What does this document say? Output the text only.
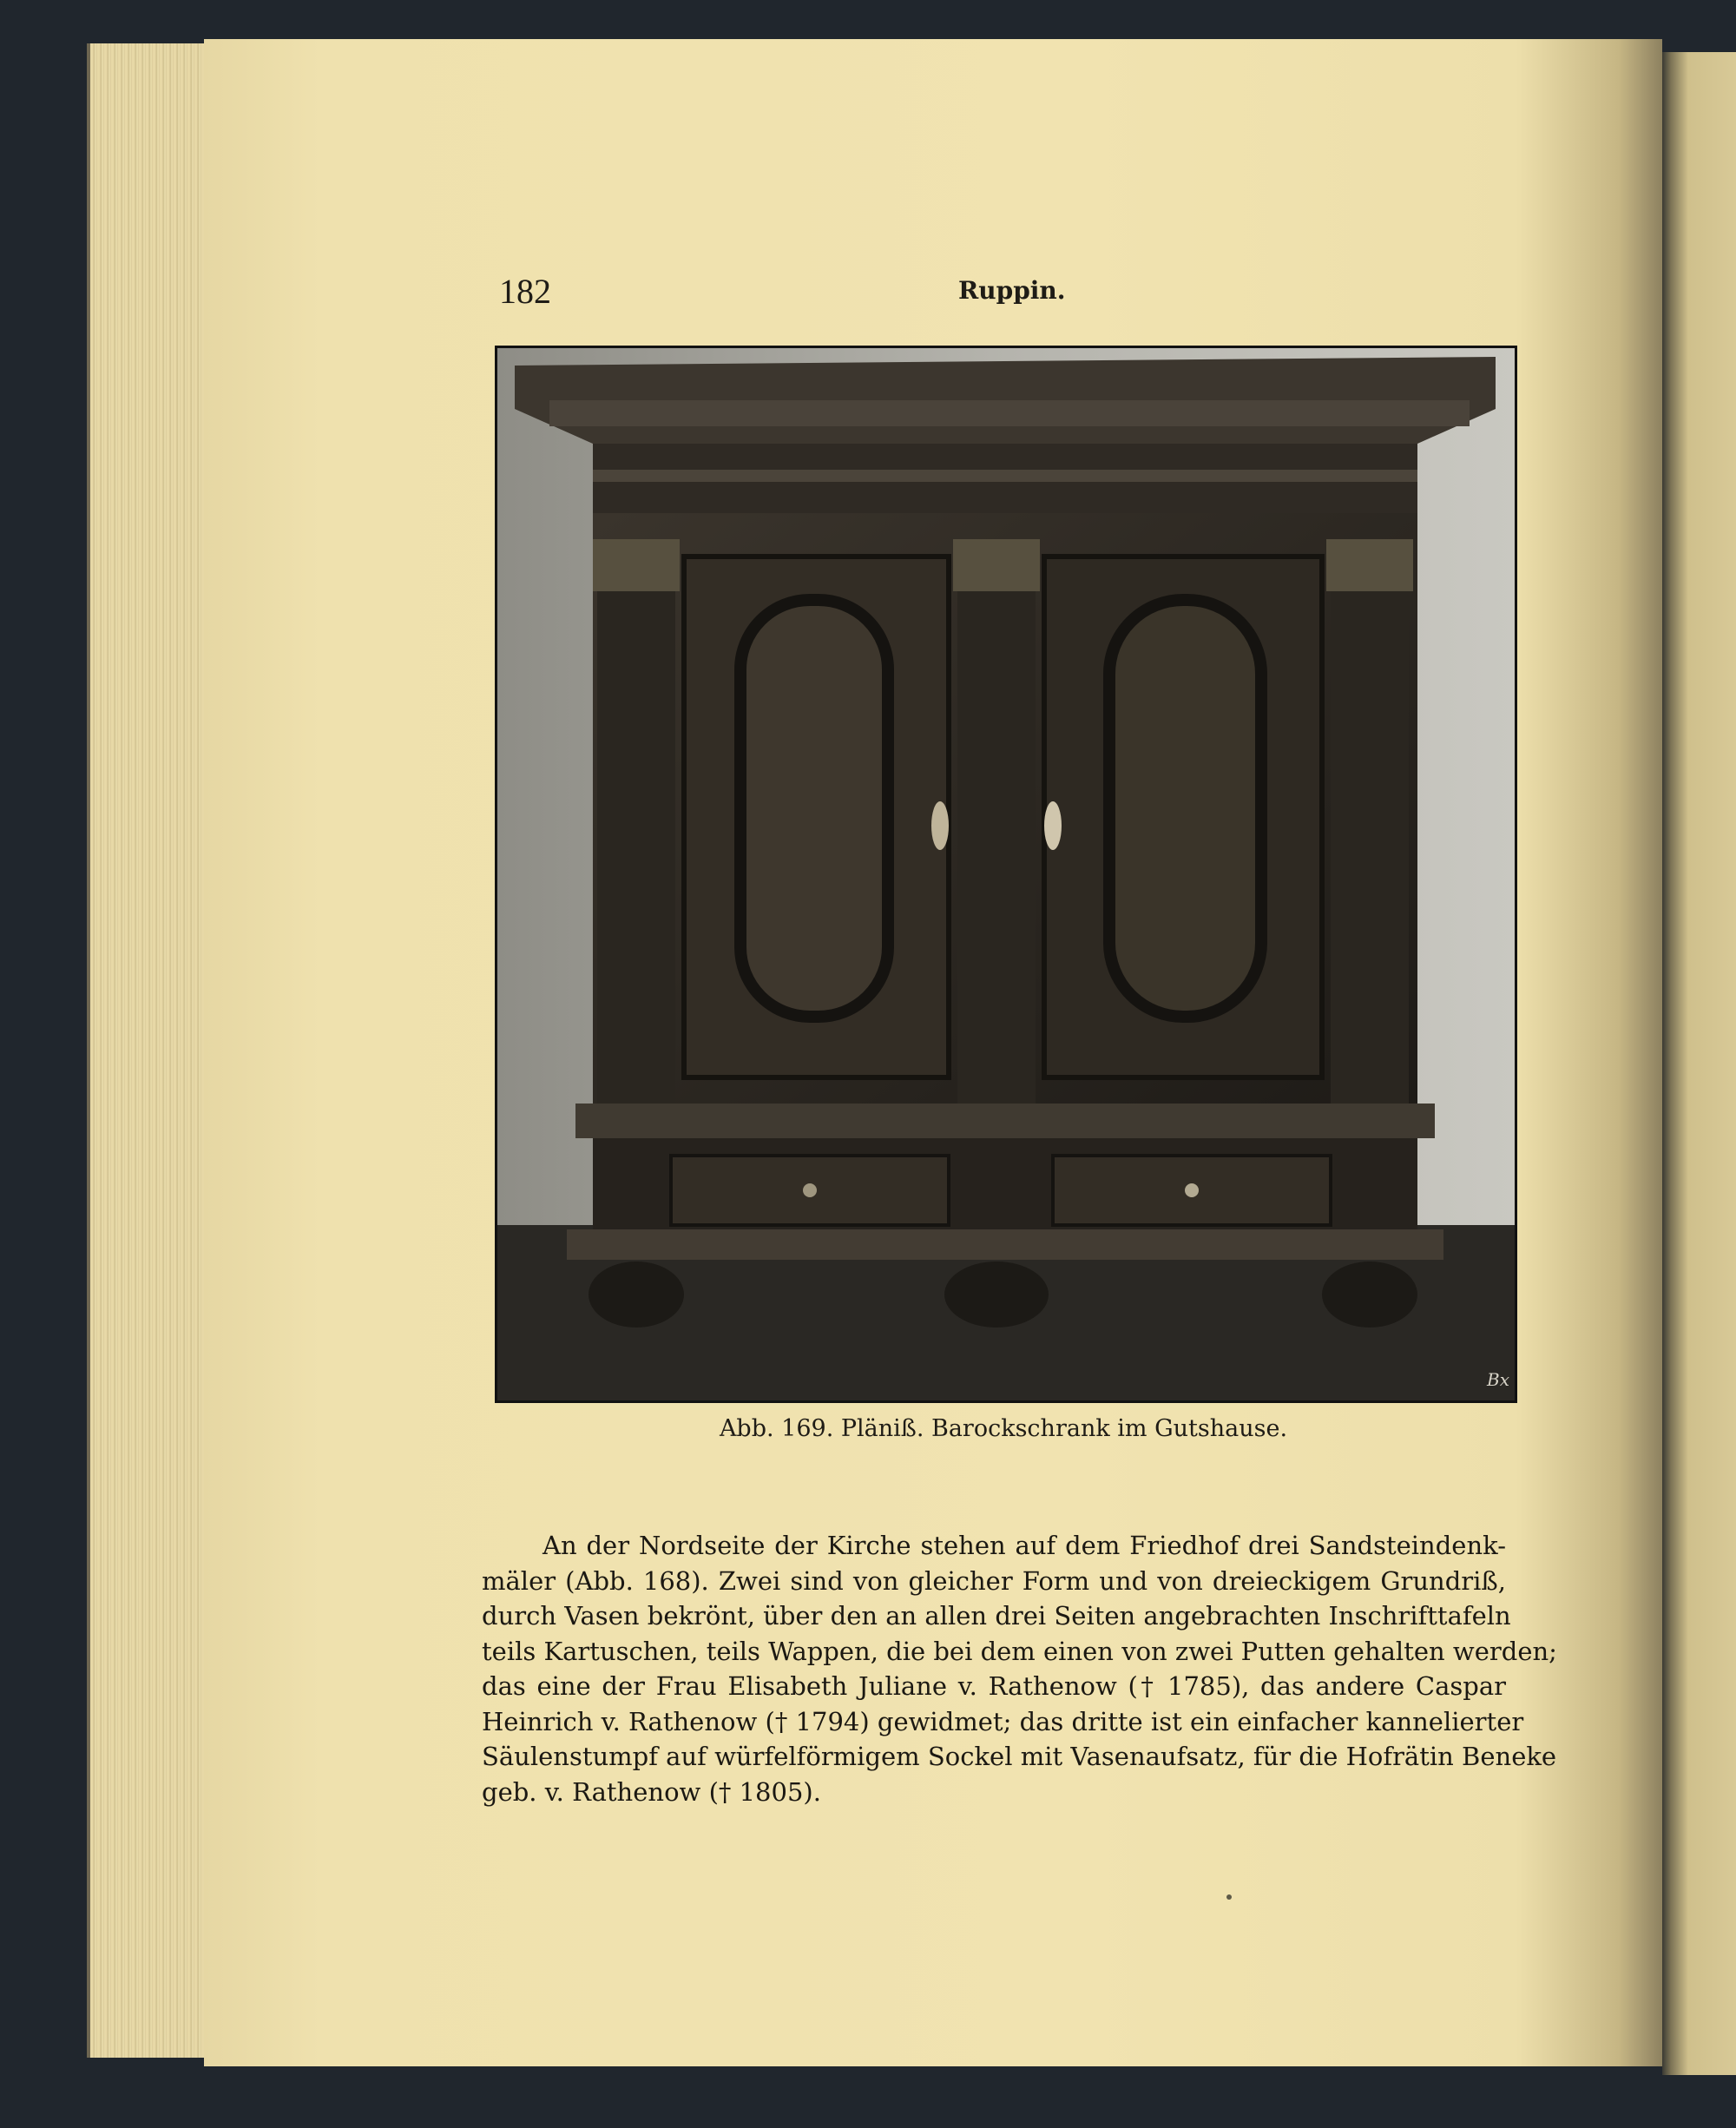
182	Ruppin.
Bx
Abb. 169. Pläniß. Barockschrank im Gutshause.
An der Nordseite der Kirche stehen auf dem Friedhof drei Sandsteindenk-
mäler (Abb. 168). Zwei sind von gleicher Form und von dreieckigem Grundriß,
durch Vasen bekrönt, über den an allen drei Seiten angebrachten Inschrifttafeln
teils Kartuschen, teils Wappen, die bei dem einen von zwei Putten gehalten werden;
das eine der Frau Elisabeth Juliane v. Rathenow († 1785), das andere Caspar
Heinrich v. Rathenow († 1794) gewidmet; das dritte ist ein einfacher kannelierter
Säulenstumpf auf würfelförmigem Sockel mit Vasenaufsatz, für die Hofrätin Beneke
geb. v. Rathenow († 1805).
